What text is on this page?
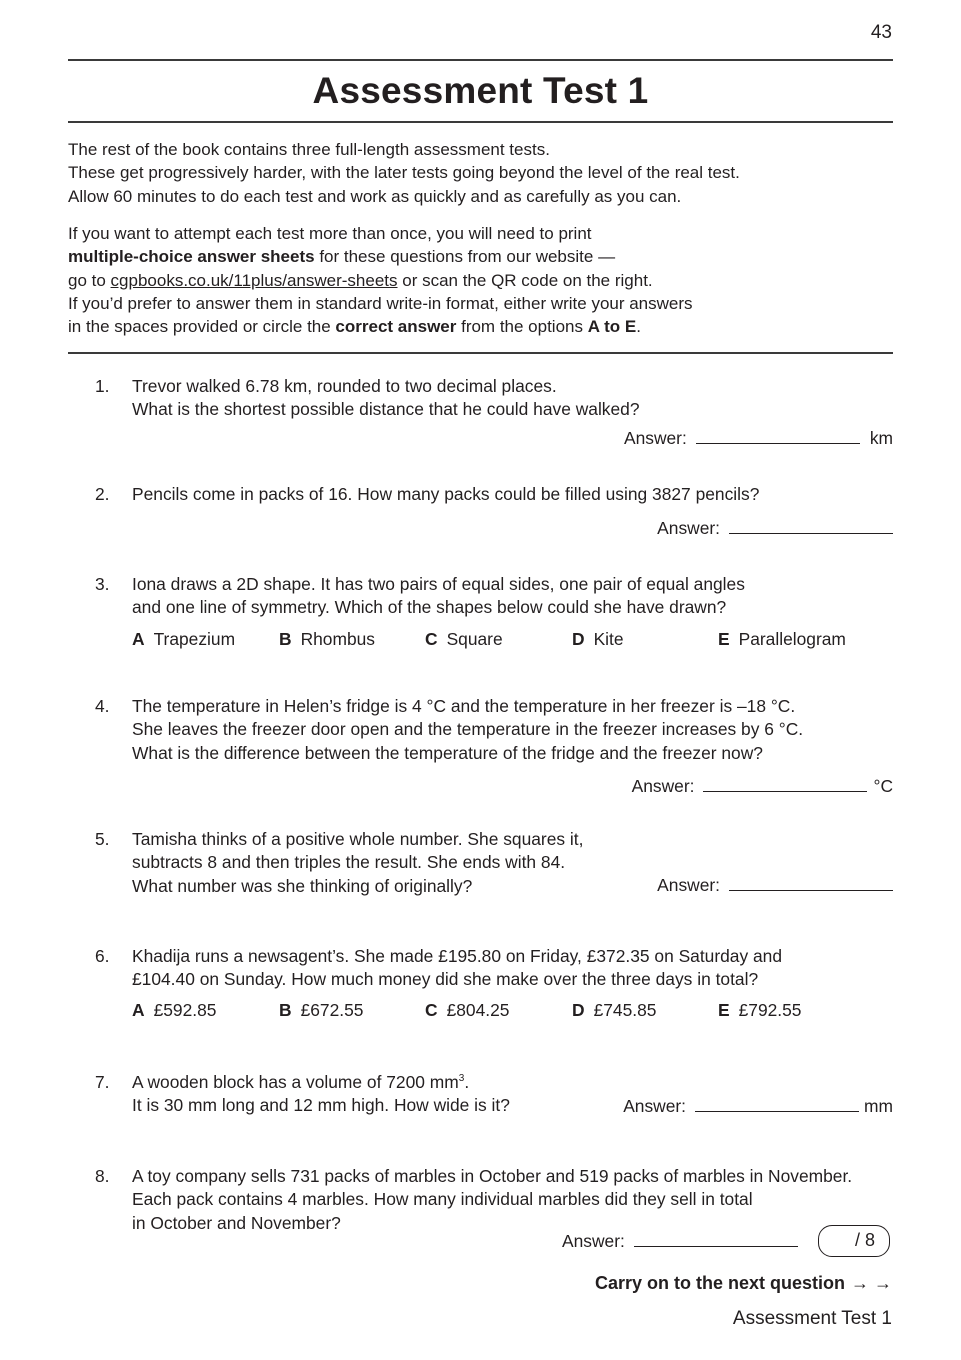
43
Assessment Test 1

The rest of the book contains three full-length assessment tests.

These get progressively harder, with the later tests going beyond the level of the real test.

Allow 60 minutes to do each test and work as quickly and as carefully as you can.

If you want to attempt each test more than once, you will need to print

multiple-choice answer sheets for these questions from our website —

go to cgpbooks.co.uk/11plus/answer-sheets or scan the QR code on the right.

If you’d prefer to answer them in standard write-in format, either write your answers

in the spaces provided or circle the correct answer from the options A to E.

1. Trevor walked 6.78 km, rounded to two decimal places.
What is the shortest possible distance that he could have walked?
Answer:	km
2. Pencils come in packs of 16. How many packs could be filled using 3827 pencils?
Answer:
3. Iona draws a 2D shape. It has two pairs of equal sides, one pair of equal angles
and one line of symmetry. Which of the shapes below could she have drawn?
A Trapezium	B Rhombus	C Square	D Kite	E Parallelogram
4. The temperature in Helen’s fridge is 4 °C and the temperature in her freezer is –18 °C.
She leaves the freezer door open and the temperature in the freezer increases by 6 °C.
What is the difference between the temperature of the fridge and the freezer now?
Answer:	°C
5. Tamisha thinks of a positive whole number. She squares it,
subtracts 8 and then triples the result. She ends with 84.
What number was she thinking of originally?	Answer:
6. Khadija runs a newsagent’s. She made £195.80 on Friday, £372.35 on Saturday and
£104.40 on Sunday. How much money did she make over the three days in total?
A £592.85	B £672.55	C £804.25	D £745.85	E £792.55
7. A wooden block has a volume of 7200 $mm^3$.
It is 30 mm long and 12 mm high. How wide is it?	Answer:	mm
8. A toy company sells 731 packs of marbles in October and 519 packs of marbles in November.
Each pack contains 4 marbles. How many individual marbles did they sell in total
in October and November?
Answer:	/ 8
Carry on to the next question → →
Assessment Test 1
